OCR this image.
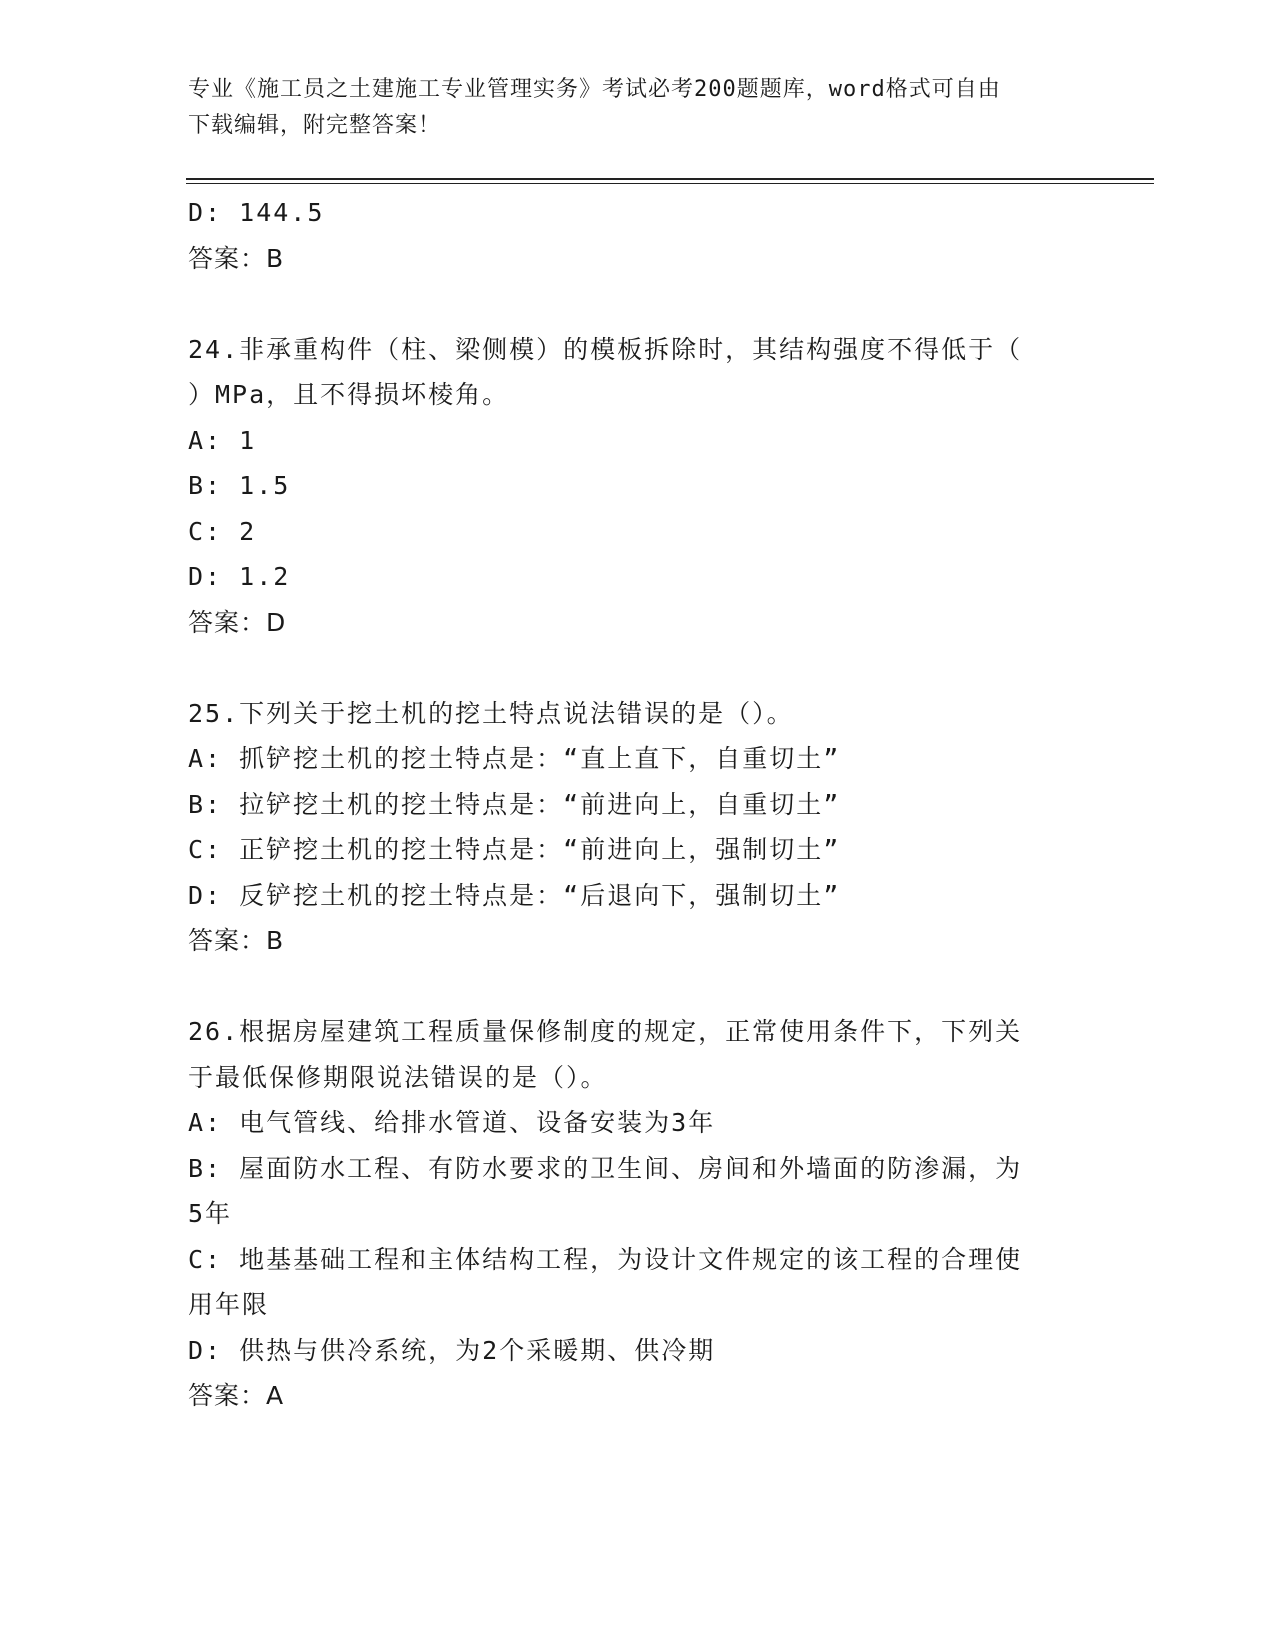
专业《施工员之土建施工专业管理实务》考试必考200题题库，word格式可自由
下载编辑，附完整答案！
D: 144.5
答案：B
24.非承重构件（柱、梁侧模）的模板拆除时，其结构强度不得低于（
）MPa，且不得损坏棱角。
A: 1
B: 1.5
C: 2
D: 1.2
答案：D
25.下列关于挖土机的挖土特点说法错误的是（）。
A: 抓铲挖土机的挖土特点是：“直上直下，自重切土”
B: 拉铲挖土机的挖土特点是：“前进向上，自重切土”
C: 正铲挖土机的挖土特点是：“前进向上，强制切土”
D: 反铲挖土机的挖土特点是：“后退向下，强制切土”
答案：B
26.根据房屋建筑工程质量保修制度的规定，正常使用条件下，下列关
于最低保修期限说法错误的是（）。
A: 电气管线、给排水管道、设备安装为3年
B: 屋面防水工程、有防水要求的卫生间、房间和外墙面的防渗漏，为
5年
C: 地基基础工程和主体结构工程，为设计文件规定的该工程的合理使
用年限
D: 供热与供冷系统，为2个采暖期、供冷期
答案：A
